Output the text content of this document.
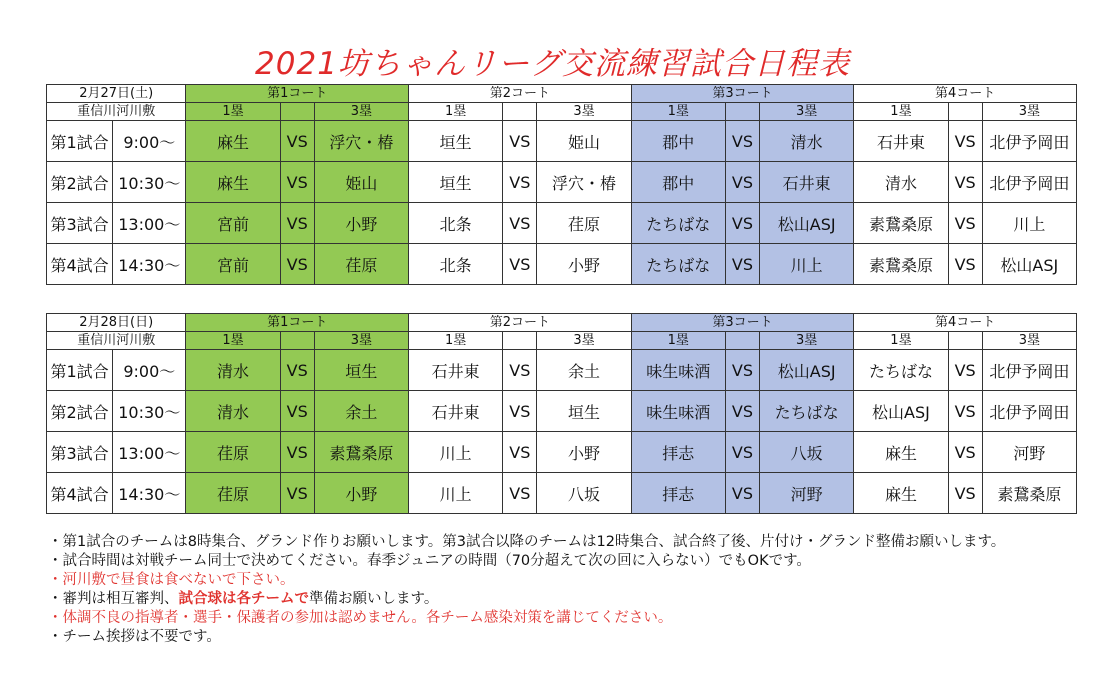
2021坊ちゃんリーグ交流練習試合日程表
2月27日(土)		第1コート			第2コート			第3コート			第4コート		
重信川河川敷		1塁		3塁	1塁		3塁	1塁		3塁	1塁		3塁
第1試合	9:00～	麻生	VS	浮穴・椿	垣生	VS	姫山	郡中	VS	清水	石井東	VS	北伊予岡田
第2試合	10:30～	麻生	VS	姫山	垣生	VS	浮穴・椿	郡中	VS	石井東	清水	VS	北伊予岡田
第3試合	13:00～	宮前	VS	小野	北条	VS	荏原	たちばな	VS	松山ASJ	素鵞桑原	VS	川上
第4試合	14:30～	宮前	VS	荏原	北条	VS	小野	たちばな	VS	川上	素鵞桑原	VS	松山ASJ
2月28日(日)		第1コート			第2コート			第3コート			第4コート		
重信川河川敷		1塁		3塁	1塁		3塁	1塁		3塁	1塁		3塁
第1試合	9:00～	清水	VS	垣生	石井東	VS	余土	味生味酒	VS	松山ASJ	たちばな	VS	北伊予岡田
第2試合	10:30～	清水	VS	余土	石井東	VS	垣生	味生味酒	VS	たちばな	松山ASJ	VS	北伊予岡田
第3試合	13:00～	荏原	VS	素鵞桑原	川上	VS	小野	拝志	VS	八坂	麻生	VS	河野
第4試合	14:30～	荏原	VS	小野	川上	VS	八坂	拝志	VS	河野	麻生	VS	素鵞桑原
・第1試合のチームは8時集合、グランド作りお願いします。第3試合以降のチームは12時集合、試合終了後、片付け・グランド整備お願いします。
・試合時間は対戦チーム同士で決めてください。春季ジュニアの時間（70分超えて次の回に入らない）でもOKです。
・河川敷で昼食は食べないで下さい。
・審判は相互審判、試合球は各チームで準備お願いします。
・体調不良の指導者・選手・保護者の参加は認めません。各チーム感染対策を講じてください。
・チーム挨拶は不要です。
